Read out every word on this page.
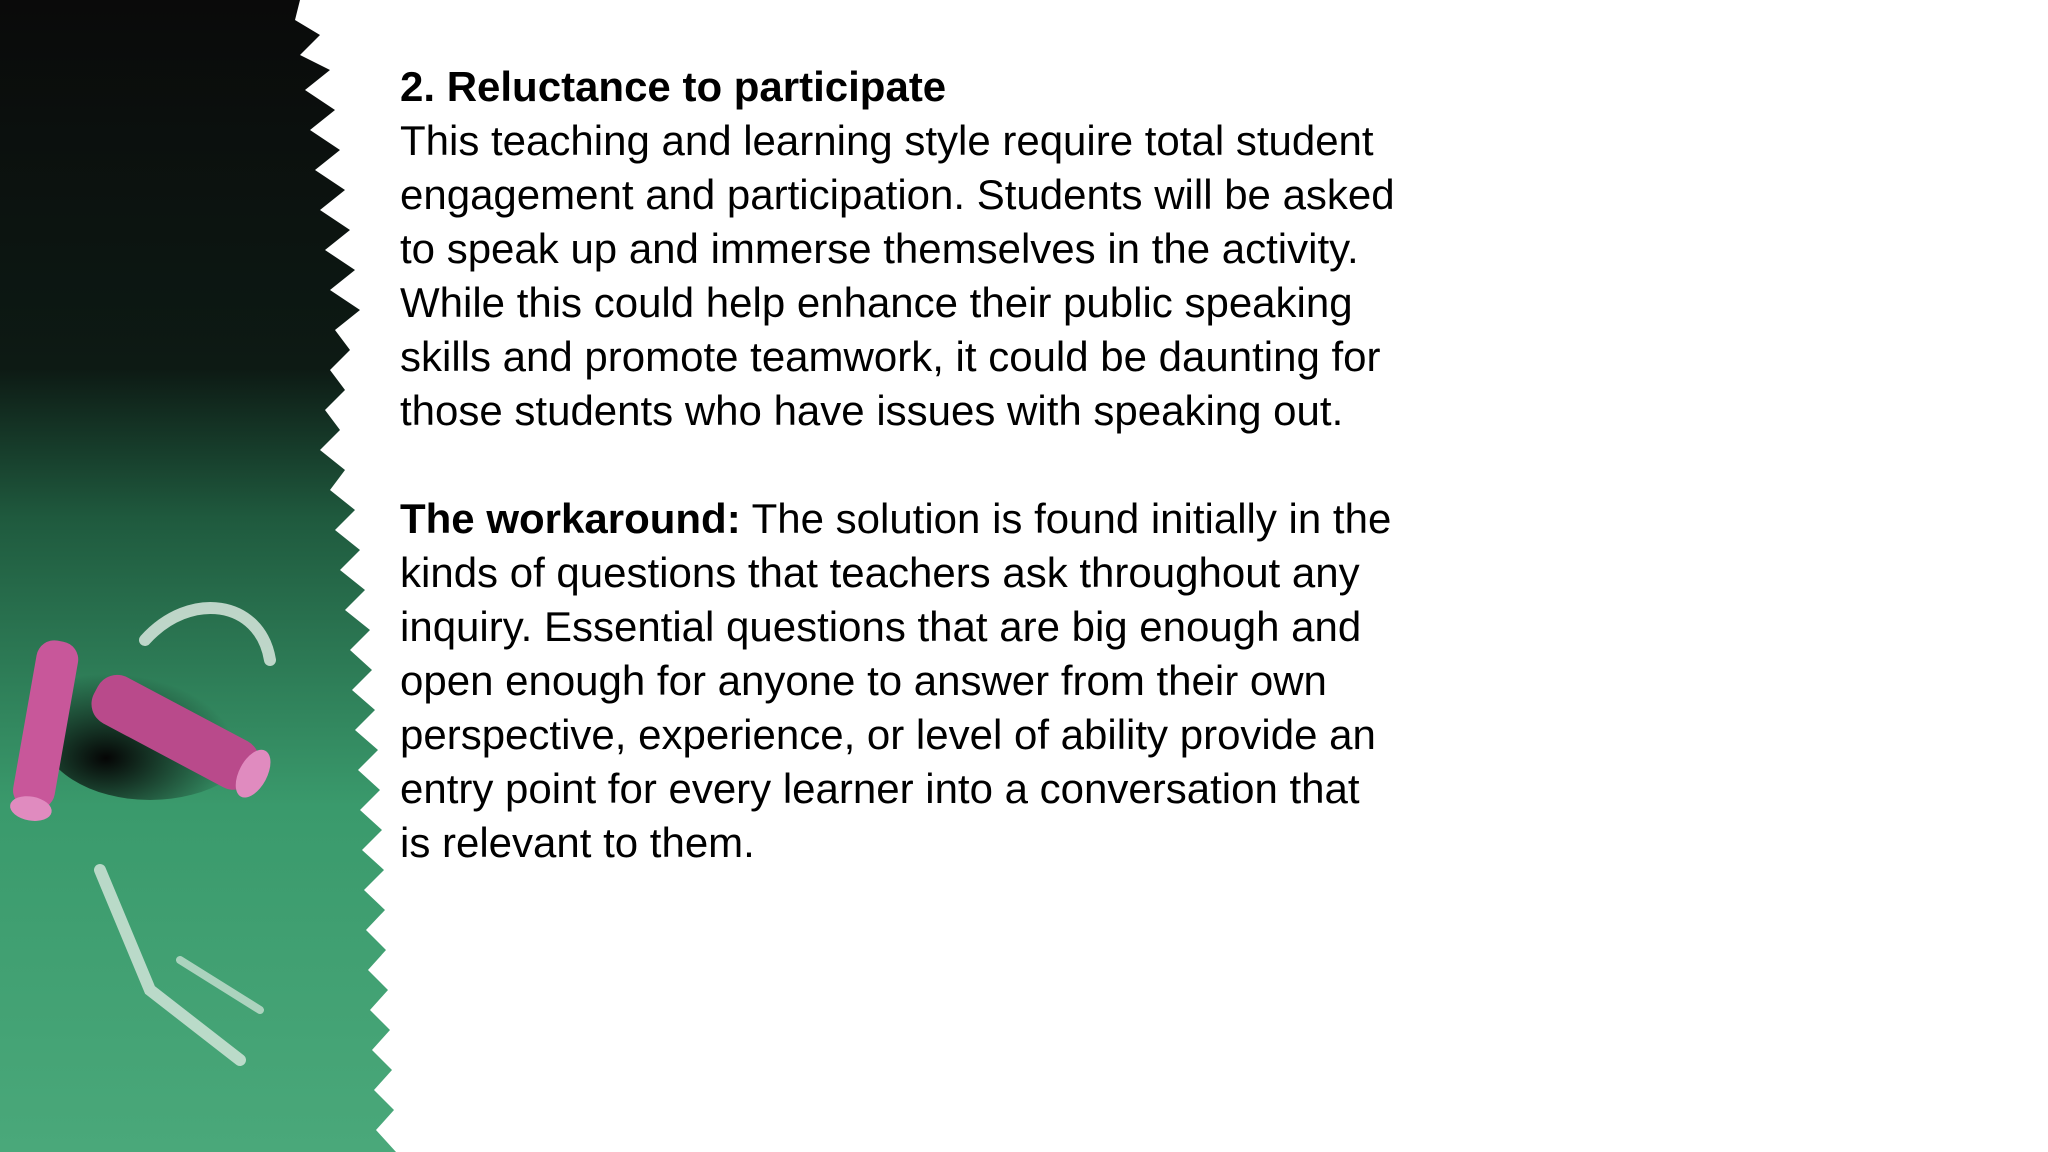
2. Reluctance to participate

This teaching and learning style require total student engagement and participation. Students will be asked to speak up and immerse themselves in the activity. While this could help enhance their public speaking skills and promote teamwork, it could be daunting for those students who have issues with speaking out.

The workaround: The solution is found initially in the kinds of questions that teachers ask throughout any inquiry. Essential questions that are big enough and open enough for anyone to answer from their own perspective, experience, or level of ability provide an entry point for every learner into a conversation that is relevant to them.
